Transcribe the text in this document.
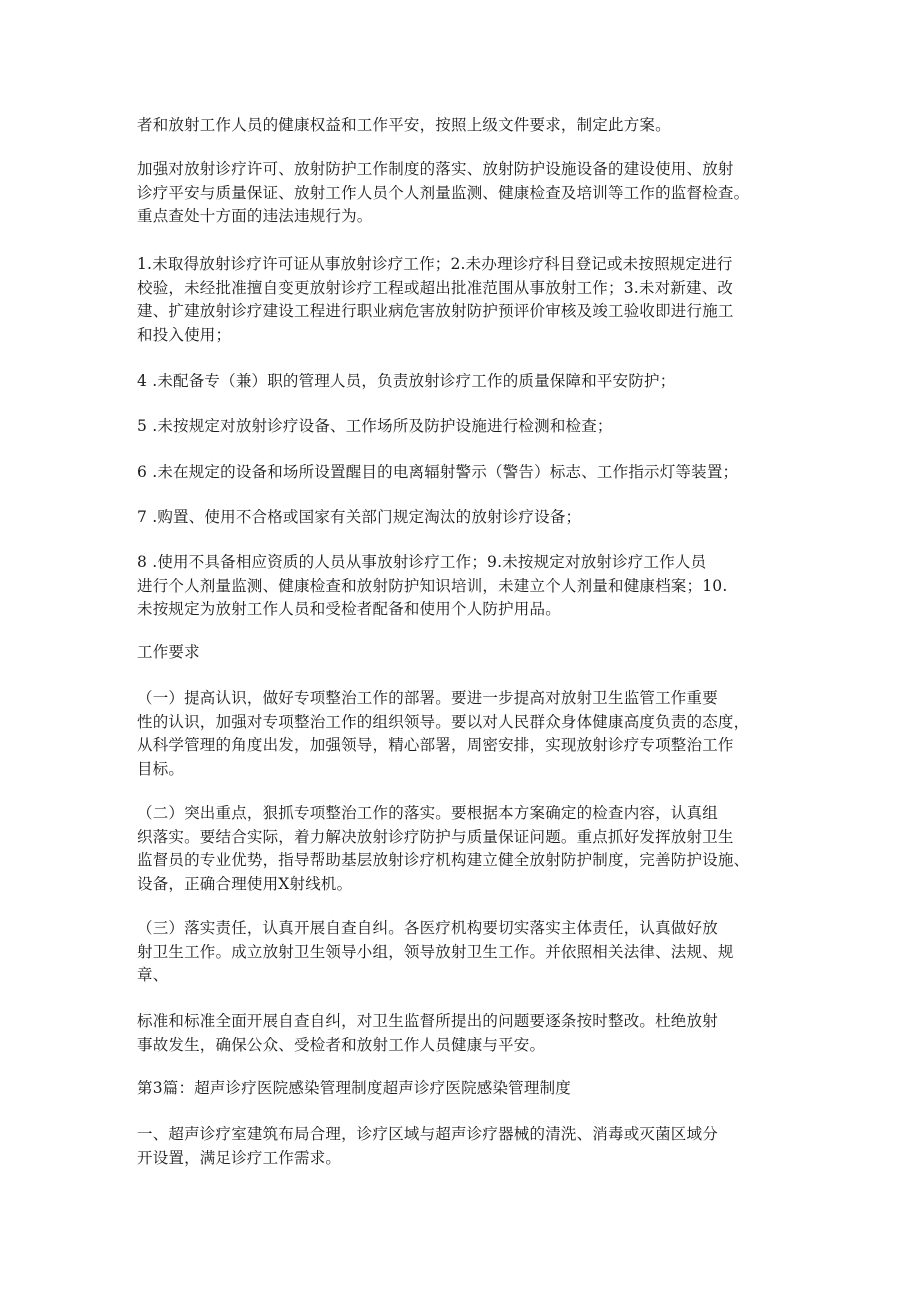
者和放射工作人员的健康权益和工作平安，按照上级文件要求，制定此方案。

加强对放射诊疗许可、放射防护工作制度的落实、放射防护设施设备的建设使用、放射
诊疗平安与质量保证、放射工作人员个人剂量监测、健康检查及培训等工作的监督检查。
重点查处十方面的违法违规行为。

1.未取得放射诊疗许可证从事放射诊疗工作；2.未办理诊疗科目登记或未按照规定进行
校验，未经批准擅自变更放射诊疗工程或超出批准范围从事放射工作；3.未对新建、改
建、扩建放射诊疗建设工程进行职业病危害放射防护预评价审核及竣工验收即进行施工
和投入使用；

4 .未配备专（兼）职的管理人员，负责放射诊疗工作的质量保障和平安防护；

5 .未按规定对放射诊疗设备、工作场所及防护设施进行检测和检查；

6 .未在规定的设备和场所设置醒目的电离辐射警示（警告）标志、工作指示灯等装置；

7 .购置、使用不合格或国家有关部门规定淘汰的放射诊疗设备；

8 .使用不具备相应资质的人员从事放射诊疗工作；9.未按规定对放射诊疗工作人员
进行个人剂量监测、健康检查和放射防护知识培训，未建立个人剂量和健康档案；10.
未按规定为放射工作人员和受检者配备和使用个人防护用品。

工作要求

（一）提高认识，做好专项整治工作的部署。要进一步提高对放射卫生监管工作重要
性的认识，加强对专项整治工作的组织领导。要以对人民群众身体健康高度负责的态度，
从科学管理的角度出发，加强领导，精心部署，周密安排，实现放射诊疗专项整治工作
目标。

（二）突出重点，狠抓专项整治工作的落实。要根据本方案确定的检查内容，认真组
织落实。要结合实际，着力解决放射诊疗防护与质量保证问题。重点抓好发挥放射卫生
监督员的专业优势，指导帮助基层放射诊疗机构建立健全放射防护制度，完善防护设施、
设备，正确合理使用X射线机。

（三）落实责任，认真开展自查自纠。各医疗机构要切实落实主体责任，认真做好放
射卫生工作。成立放射卫生领导小组，领导放射卫生工作。并依照相关法律、法规、规
章、

标准和标准全面开展自查自纠，对卫生监督所提出的问题要逐条按时整改。杜绝放射
事故发生，确保公众、受检者和放射工作人员健康与平安。

第3篇：超声诊疗医院感染管理制度超声诊疗医院感染管理制度

一、超声诊疗室建筑布局合理，诊疗区域与超声诊疗器械的清洗、消毒或灭菌区域分
开设置，满足诊疗工作需求。
